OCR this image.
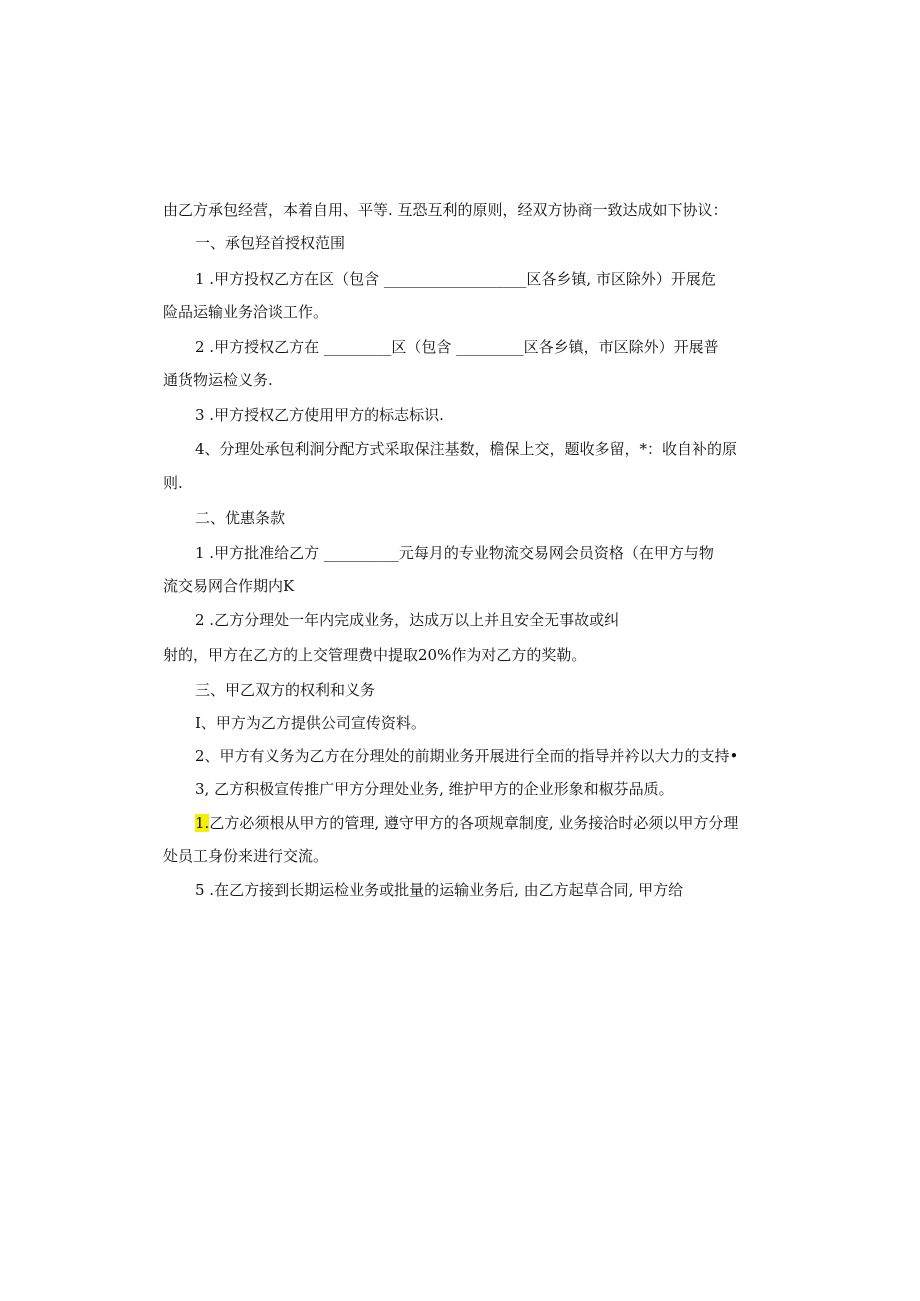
由乙方承包经营，本着自用、平等. 互恐互利的原则，经双方协商一致达成如下协议：
一、承包羟首授权范围
1 .甲方投权乙方在区（包含 ___________________区各乡镇, 市区除外）开展危
险品运输业务洽谈工作。
2 .甲方授权乙方在 _________区（包含 _________区各乡镇，市区除外）开展普
通货物运检义务.
3 .甲方授权乙方使用甲方的标志标识.
4、分理处承包利涧分配方式采取保注基数，檐保上交，题收多留，*：收自补的原
则.
二、优惠条款
1 .甲方批准给乙方 __________元每月的专业物流交易网会员资格（在甲方与物
流交易网合作期内K
2 .乙方分理处一年内完成业务，达成万以上并且安全无事故或纠
射的，甲方在乙方的上交管理费中提取20%作为对乙方的奖勒。
三、甲乙双方的权利和义务
I、甲方为乙方提供公司宣传资料。
2、甲方有义务为乙方在分理处的前期业务开展进行全而的指导并衿以大力的支持•
3, 乙方积极宣传推广甲方分理处业务, 维护甲方的企业形象和椒芬品质。
1.乙方必须根从甲方的管理, 遵守甲方的各项规章制度, 业务接洽时必须以甲方分理
处员工身份来进行交流。
5 .在乙方接到长期运检业务或批量的运输业务后, 由乙方起草合同, 甲方给
